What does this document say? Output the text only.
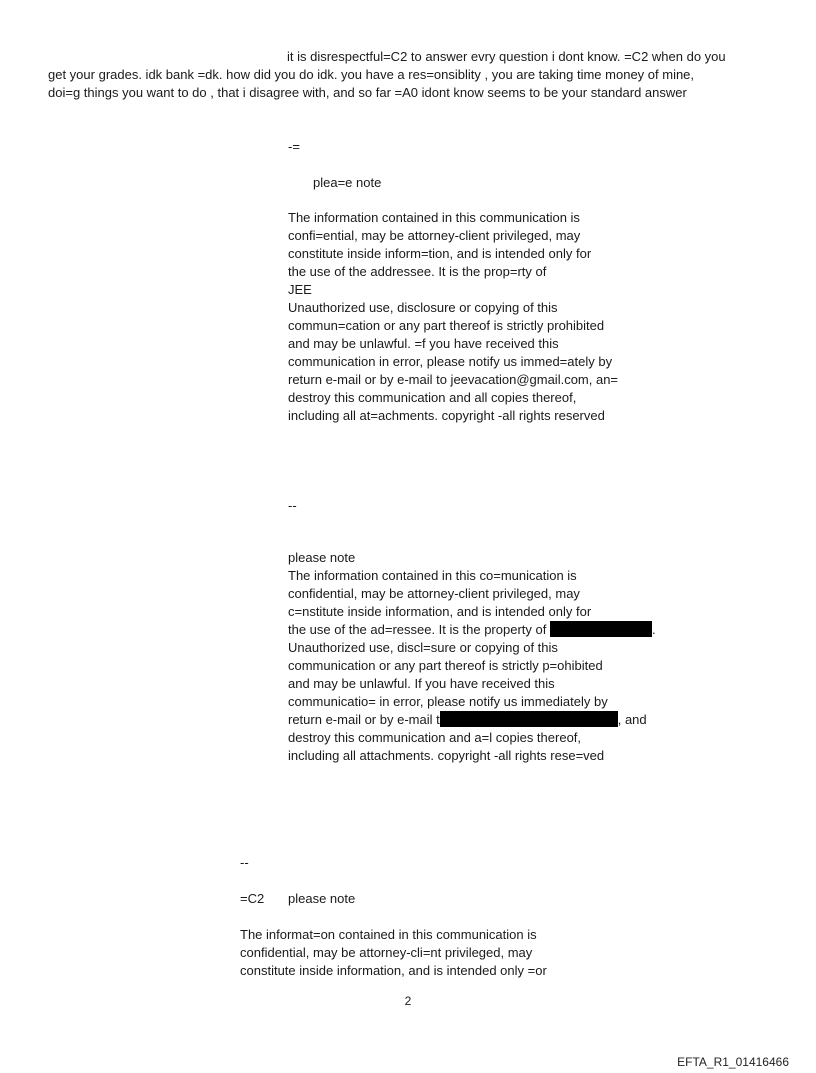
it is disrespectful=C2 to answer evry question i dont know. =C2 when do you
get your grades. idk bank =dk. how did you do idk. you have a res=onsiblity , you are taking time money of mine,
doi=g things you want to do , that i disagree with, and so far =A0 idont know seems to be your standard answer
-=
plea=e note
The information contained in this communication is
confi=ential, may be attorney-client privileged, may
constitute inside inform=tion, and is intended only for
the use of the addressee. It is the prop=rty of
JEE
Unauthorized use, disclosure or copying of this
commun=cation or any part thereof is strictly prohibited
and may be unlawful. =f you have received this
communication in error, please notify us immed=ately by
return e-mail or by e-mail to jeevacation@gmail.com, an=
destroy this communication and all copies thereof,
including all at=achments. copyright -all rights reserved
--
please note
The information contained in this co=munication is
confidential, may be attorney-client privileged, may
c=nstitute inside information, and is intended only for
the use of the ad=ressee. It is the property of	.
Unauthorized use, discl=sure or copying of this
communication or any part thereof is strictly p=ohibited
and may be unlawful. If you have received this
communicatio= in error, please notify us immediately by
return e-mail or by e-mail t	, and
destroy this communication and a=l copies thereof,
including all attachments. copyright -all rights rese=ved
--
=C2 please note
The informat=on contained in this communication is
confidential, may be attorney-cli=nt privileged, may
constitute inside information, and is intended only =or
2
EFTA_R1_01416466
